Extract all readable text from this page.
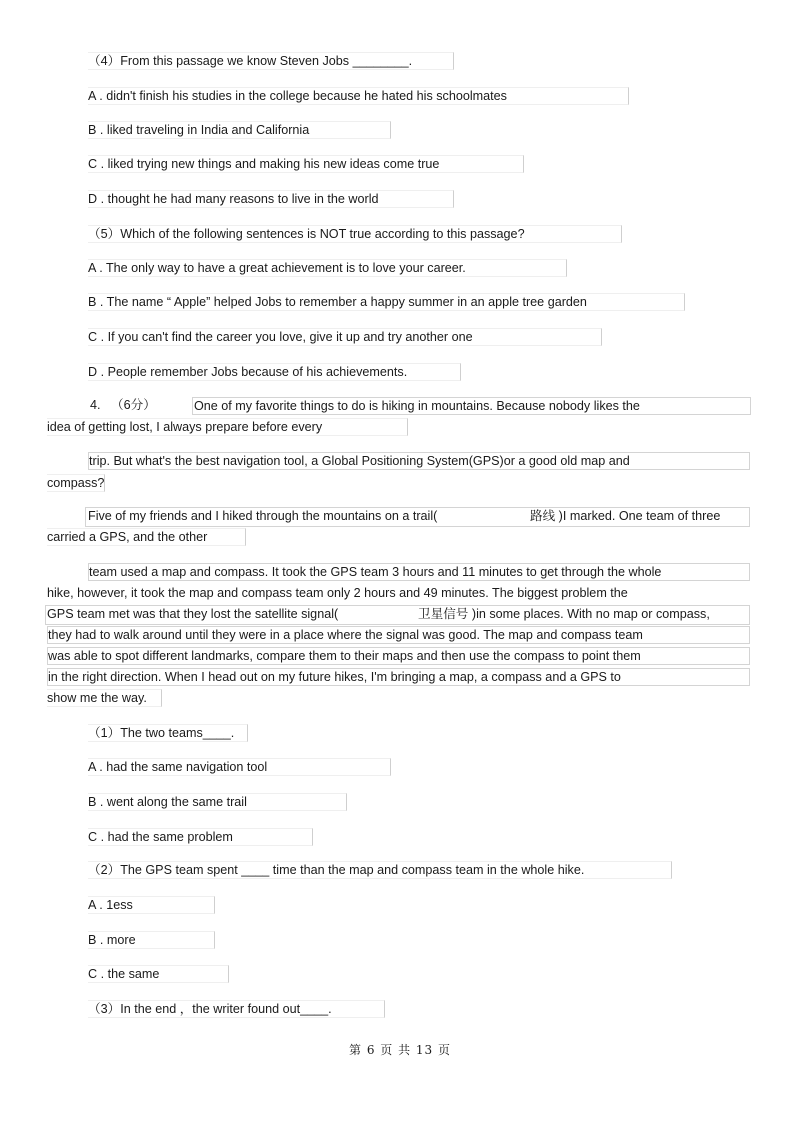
（4）From this passage we know Steven Jobs ________.
A . didn't finish his studies in the college because he hated his schoolmates
B . liked traveling in India and California
C . liked trying new things and making his new ideas come true
D . thought he had many reasons to live in the world
（5）Which of the following sentences is NOT true according to this passage?
A . The only way to have a great achievement is to love your career.
B . The name “ Apple” helped Jobs to remember a happy summer in an apple tree garden
C . If you can't find the career you love, give it up and try another one
D . People remember Jobs because of his achievements.
4. （6分）	One of my favorite things to do is hiking in mountains. Because nobody likes the
idea of getting lost, I always prepare before every
trip. But what's the best navigation tool, a Global Positioning System(GPS)or a good old map and
compass?
Five of my friends and I hiked through the mountains on a trail(	路线 )I marked. One team of three
carried a GPS, and the other
team used a map and compass. It took the GPS team 3 hours and 11 minutes to get through the whole
hike, however, it took the map and compass team only 2 hours and 49 minutes. The biggest problem the
GPS team met was that they lost the satellite signal(	卫星信号 )in some places. With no map or compass,
they had to walk around until they were in a place where the signal was good. The map and compass team
was able to spot different landmarks, compare them to their maps and then use the compass to point them
in the right direction. When I head out on my future hikes, I'm bringing a map, a compass and a GPS to
show me the way.
（1）The two teams____.
A . had the same navigation tool
B . went along the same trail
C . had the same problem
（2）The GPS team spent ____ time than the map and compass team in the whole hike.
A . 1ess
B . more
C . the same
（3）In the end ，the writer found out____.
第 6 页 共 13 页
